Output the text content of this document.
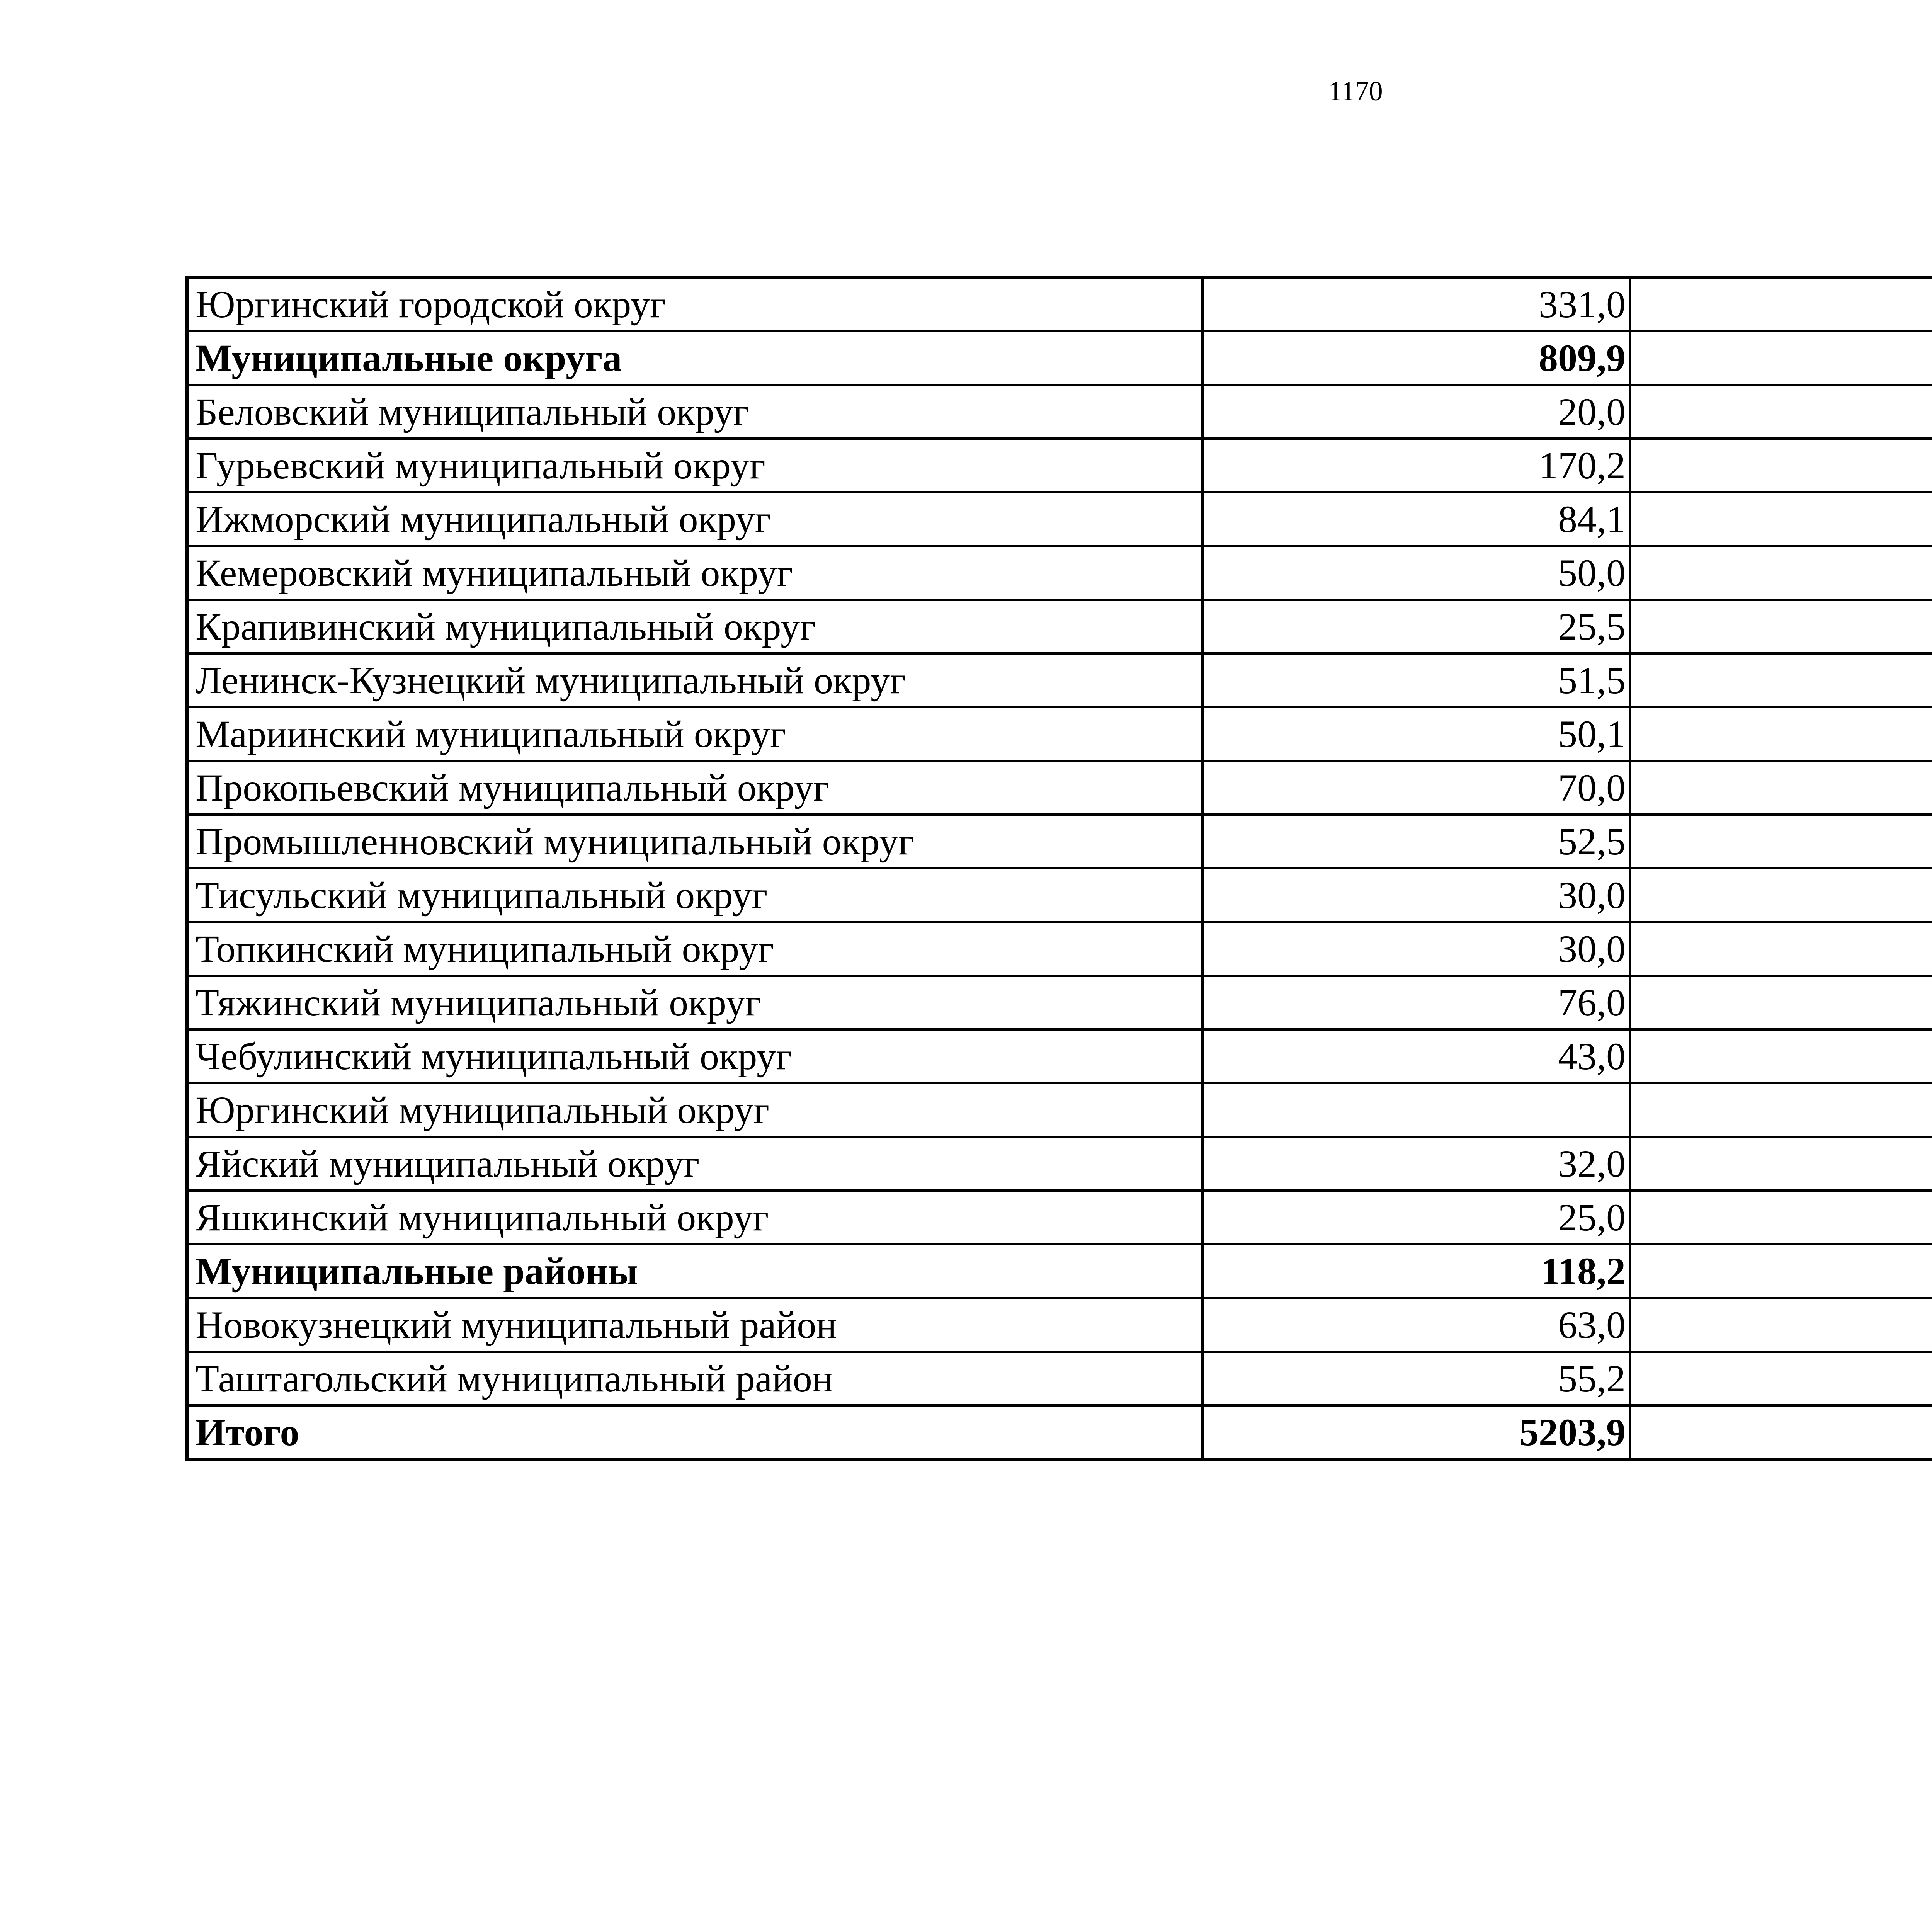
1170
Юргинский городской округ	331,0		
Муниципальные округа	809,9		
Беловский муниципальный округ	20,0		
Гурьевский муниципальный округ	170,2		
Ижморский муниципальный округ	84,1		
Кемеровский муниципальный округ	50,0		
Крапивинский муниципальный округ	25,5		
Ленинск-Кузнецкий муниципальный округ	51,5		
Мариинский муниципальный округ	50,1		
Прокопьевский муниципальный округ	70,0		
Промышленновский муниципальный округ	52,5		
Тисульский муниципальный округ	30,0		
Топкинский муниципальный округ	30,0		
Тяжинский муниципальный округ	76,0		
Чебулинский муниципальный округ	43,0		
Юргинский муниципальный округ			
Яйский муниципальный округ	32,0		
Яшкинский муниципальный округ	25,0		
Муниципальные районы	118,2		
Новокузнецкий муниципальный район	63,0		
Таштагольский муниципальный район	55,2		
Итого	5203,9		
